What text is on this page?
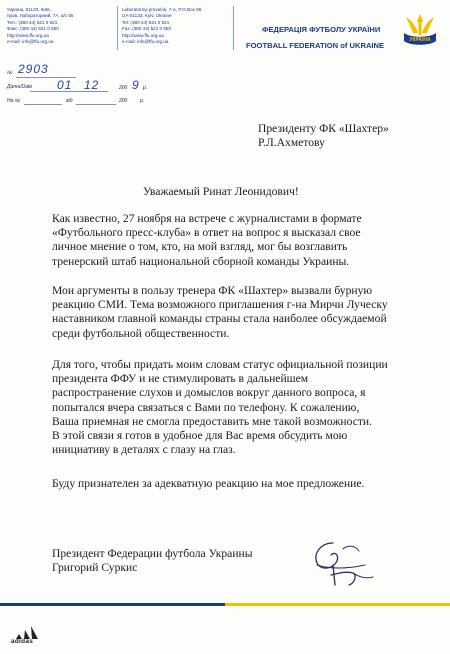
Україна, 01133, Київ,
пров. Лабораторний, 7А, а/с 55
Тел.: (380 44) 521 0 521
Факс: (380 44) 521 0 550
http://www.ffu.org.ua
e-mail: info@ffu.org.ua
Laboratornyi provulok, 7-А, P.O.Box 55
UA-01133, Kyiv, Ukraine
Tel: (380 44) 521 0 521
Fax: (380 44) 521 0 550
http://www.ffu.org.ua
e-mail: info@ffu.org.ua
ФЕДЕРАЦІЯ ФУТБОЛУ УКРАЇНИ
FOOTBALL FEDERATION of UKRAINE
УКРАЇНА
№ 2903
Дата/Date 01 12	200 9 р.
На №	від	200	р.
Президенту ФК «Шахтер»
Р.Л.Ахметову
Уважаемый Ринат Леонидович!
Как известно, 27 ноября на встрече с журналистами в формате
«Футбольного пресс-клуба» в ответ на вопрос я высказал свое
личное мнение о том, кто, на мой взгляд, мог бы возглавить
тренерский штаб национальной сборной команды Украины.
Мои аргументы в пользу тренера ФК «Шахтер» вызвали бурную
реакцию СМИ. Тема возможного приглашения г-на Мирчи Луческу
наставником главной команды страны стала наиболее обсуждаемой
среди футбольной общественности.
Для того, чтобы придать моим словам статус официальной позиции
президента ФФУ и не стимулировать в дальнейшем
распространение слухов и домыслов вокруг данного вопроса, я
попытался вчера связаться с Вами по телефону. К сожалению,
Ваша приемная не смогла предоставить мне такой возможности.
В этой связи я готов в удобное для Вас время обсудить мою
инициативу в деталях с глазу на глаз.
Буду признателен за адекватную реакцию на мое предложение.
Президент Федерации футбола Украины
Григорий Суркис
adidas
